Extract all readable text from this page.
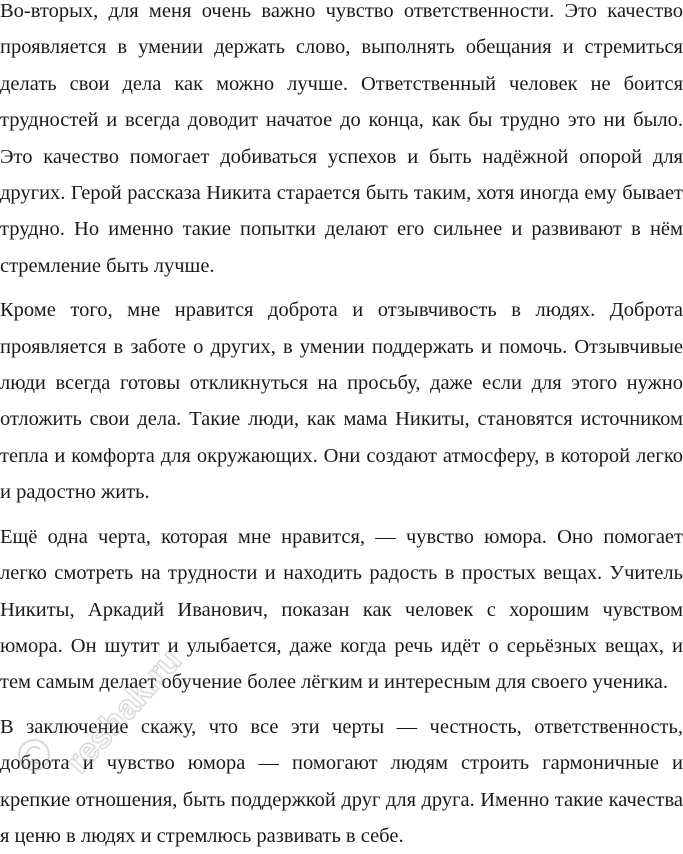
Во-вторых, для меня очень важно чувство ответственности. Это качество проявляется в умении держать слово, выполнять обещания и стремиться делать свои дела как можно лучше. Ответственный человек не боится трудностей и всегда доводит начатое до конца, как бы трудно это ни было. Это качество помогает добиваться успехов и быть надёжной опорой для других. Герой рассказа Никита старается быть таким, хотя иногда ему бывает трудно. Но именно такие попытки делают его сильнее и развивают в нём стремление быть лучше.

Кроме того, мне нравится доброта и отзывчивость в людях. Доброта проявляется в заботе о других, в умении поддержать и помочь. Отзывчивые люди всегда готовы откликнуться на просьбу, даже если для этого нужно отложить свои дела. Такие люди, как мама Никиты, становятся источником тепла и комфорта для окружающих. Они создают атмосферу, в которой легко и радостно жить.

Ещё одна черта, которая мне нравится, — чувство юмора. Оно помогает легко смотреть на трудности и находить радость в простых вещах. Учитель Никиты, Аркадий Иванович, показан как человек с хорошим чувством юмора. Он шутит и улыбается, даже когда речь идёт о серьёзных вещах, и тем самым делает обучение более лёгким и интересным для своего ученика.

В заключение скажу, что все эти черты — честность, ответственность, доброта и чувство юмора — помогают людям строить гармоничные и крепкие отношения, быть поддержкой друг для друга. Именно такие качества я ценю в людях и стремлюсь развивать в себе.

reshak.ru
